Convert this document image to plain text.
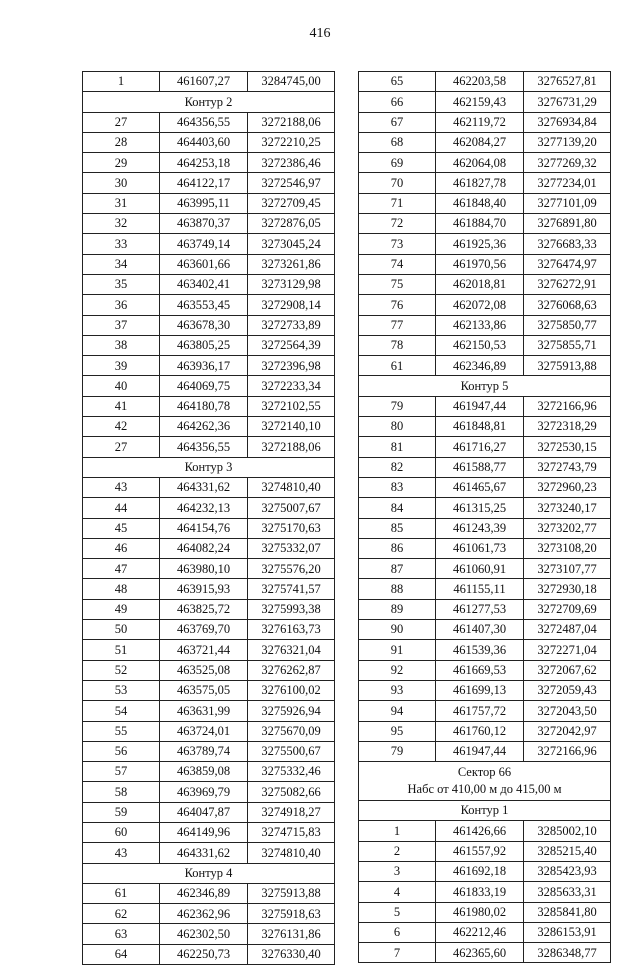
416
1	461607,27	3284745,00
Контур 2		
27	464356,55	3272188,06
28	464403,60	3272210,25
29	464253,18	3272386,46
30	464122,17	3272546,97
31	463995,11	3272709,45
32	463870,37	3272876,05
33	463749,14	3273045,24
34	463601,66	3273261,86
35	463402,41	3273129,98
36	463553,45	3272908,14
37	463678,30	3272733,89
38	463805,25	3272564,39
39	463936,17	3272396,98
40	464069,75	3272233,34
41	464180,78	3272102,55
42	464262,36	3272140,10
27	464356,55	3272188,06
Контур 3		
43	464331,62	3274810,40
44	464232,13	3275007,67
45	464154,76	3275170,63
46	464082,24	3275332,07
47	463980,10	3275576,20
48	463915,93	3275741,57
49	463825,72	3275993,38
50	463769,70	3276163,73
51	463721,44	3276321,04
52	463525,08	3276262,87
53	463575,05	3276100,02
54	463631,99	3275926,94
55	463724,01	3275670,09
56	463789,74	3275500,67
57	463859,08	3275332,46
58	463969,79	3275082,66
59	464047,87	3274918,27
60	464149,96	3274715,83
43	464331,62	3274810,40
Контур 4		
61	462346,89	3275913,88
62	462362,96	3275918,63
63	462302,50	3276131,86
64	462250,73	3276330,40
65	462203,58	3276527,81
66	462159,43	3276731,29
67	462119,72	3276934,84
68	462084,27	3277139,20
69	462064,08	3277269,32
70	461827,78	3277234,01
71	461848,40	3277101,09
72	461884,70	3276891,80
73	461925,36	3276683,33
74	461970,56	3276474,97
75	462018,81	3276272,91
76	462072,08	3276068,63
77	462133,86	3275850,77
78	462150,53	3275855,71
61	462346,89	3275913,88
Контур 5		
79	461947,44	3272166,96
80	461848,81	3272318,29
81	461716,27	3272530,15
82	461588,77	3272743,79
83	461465,67	3272960,23
84	461315,25	3273240,17
85	461243,39	3273202,77
86	461061,73	3273108,20
87	461060,91	3273107,77
88	461155,11	3272930,18
89	461277,53	3272709,69
90	461407,30	3272487,04
91	461539,36	3272271,04
92	461669,53	3272067,62
93	461699,13	3272059,43
94	461757,72	3272043,50
95	461760,12	3272042,97
79	461947,44	3272166,96

Сектор 66
Набс от 410,00 м до 415,00 м		

Контур 1		
1	461426,66	3285002,10
2	461557,92	3285215,40
3	461692,18	3285423,93
4	461833,19	3285633,31
5	461980,02	3285841,80
6	462212,46	3286153,91
7	462365,60	3286348,77
